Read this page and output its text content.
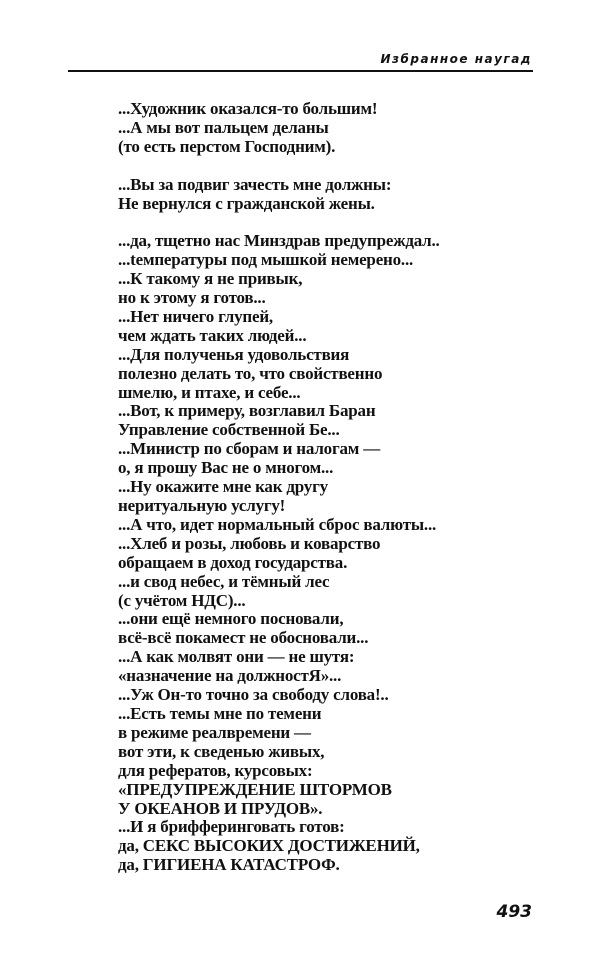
Избранное наугад
...Художник оказался-то большим!
...А мы вот пальцем деланы
(то есть перстом Господним).
...Вы за подвиг зачесть мне должны:
Не вернулся с гражданской жены.
...да, тщетно нас Минздрав предупреждал..
...tемпературы под мышкой немерено...
...К такому я не привык,
но к этому я готов...
...Нет ничего глупей,
чем ждать таких людей...
...Для полученья удовольствия
полезно делать то, что свойственно
шмелю, и птахе, и себе...
...Вот, к примеру, возглавил Баран
Управление собственной Бе...
...Министр по сборам и налогам —
о, я прошу Вас не о многом...
...Ну окажите мне как другу
неритуальную услугу!
...А что, идет нормальный сброс валюты...
...Хлеб и розы, любовь и коварство
обращаем в доход государства.
...и свод небес, и тёмный лес
(с учётом НДС)...
...они ещё немного посновали,
всё-всё покамест не обосновали...
...А как молвят они — не шутя:
«назначение на должностЯ»...
...Уж Он-то точно за свободу слова!..
...Есть темы мне по темени
в режиме реалвремени —
вот эти, к сведенью живых,
для рефератов, курсовых:
«ПРЕДУПРЕЖДЕНИЕ ШТОРМОВ
У ОКЕАНОВ И ПРУДОВ».
...И я брифферинговать готов:
да, СЕКС ВЫСОКИХ ДОСТИЖЕНИЙ,
да, ГИГИЕНА КАТАСТРОФ.
493
